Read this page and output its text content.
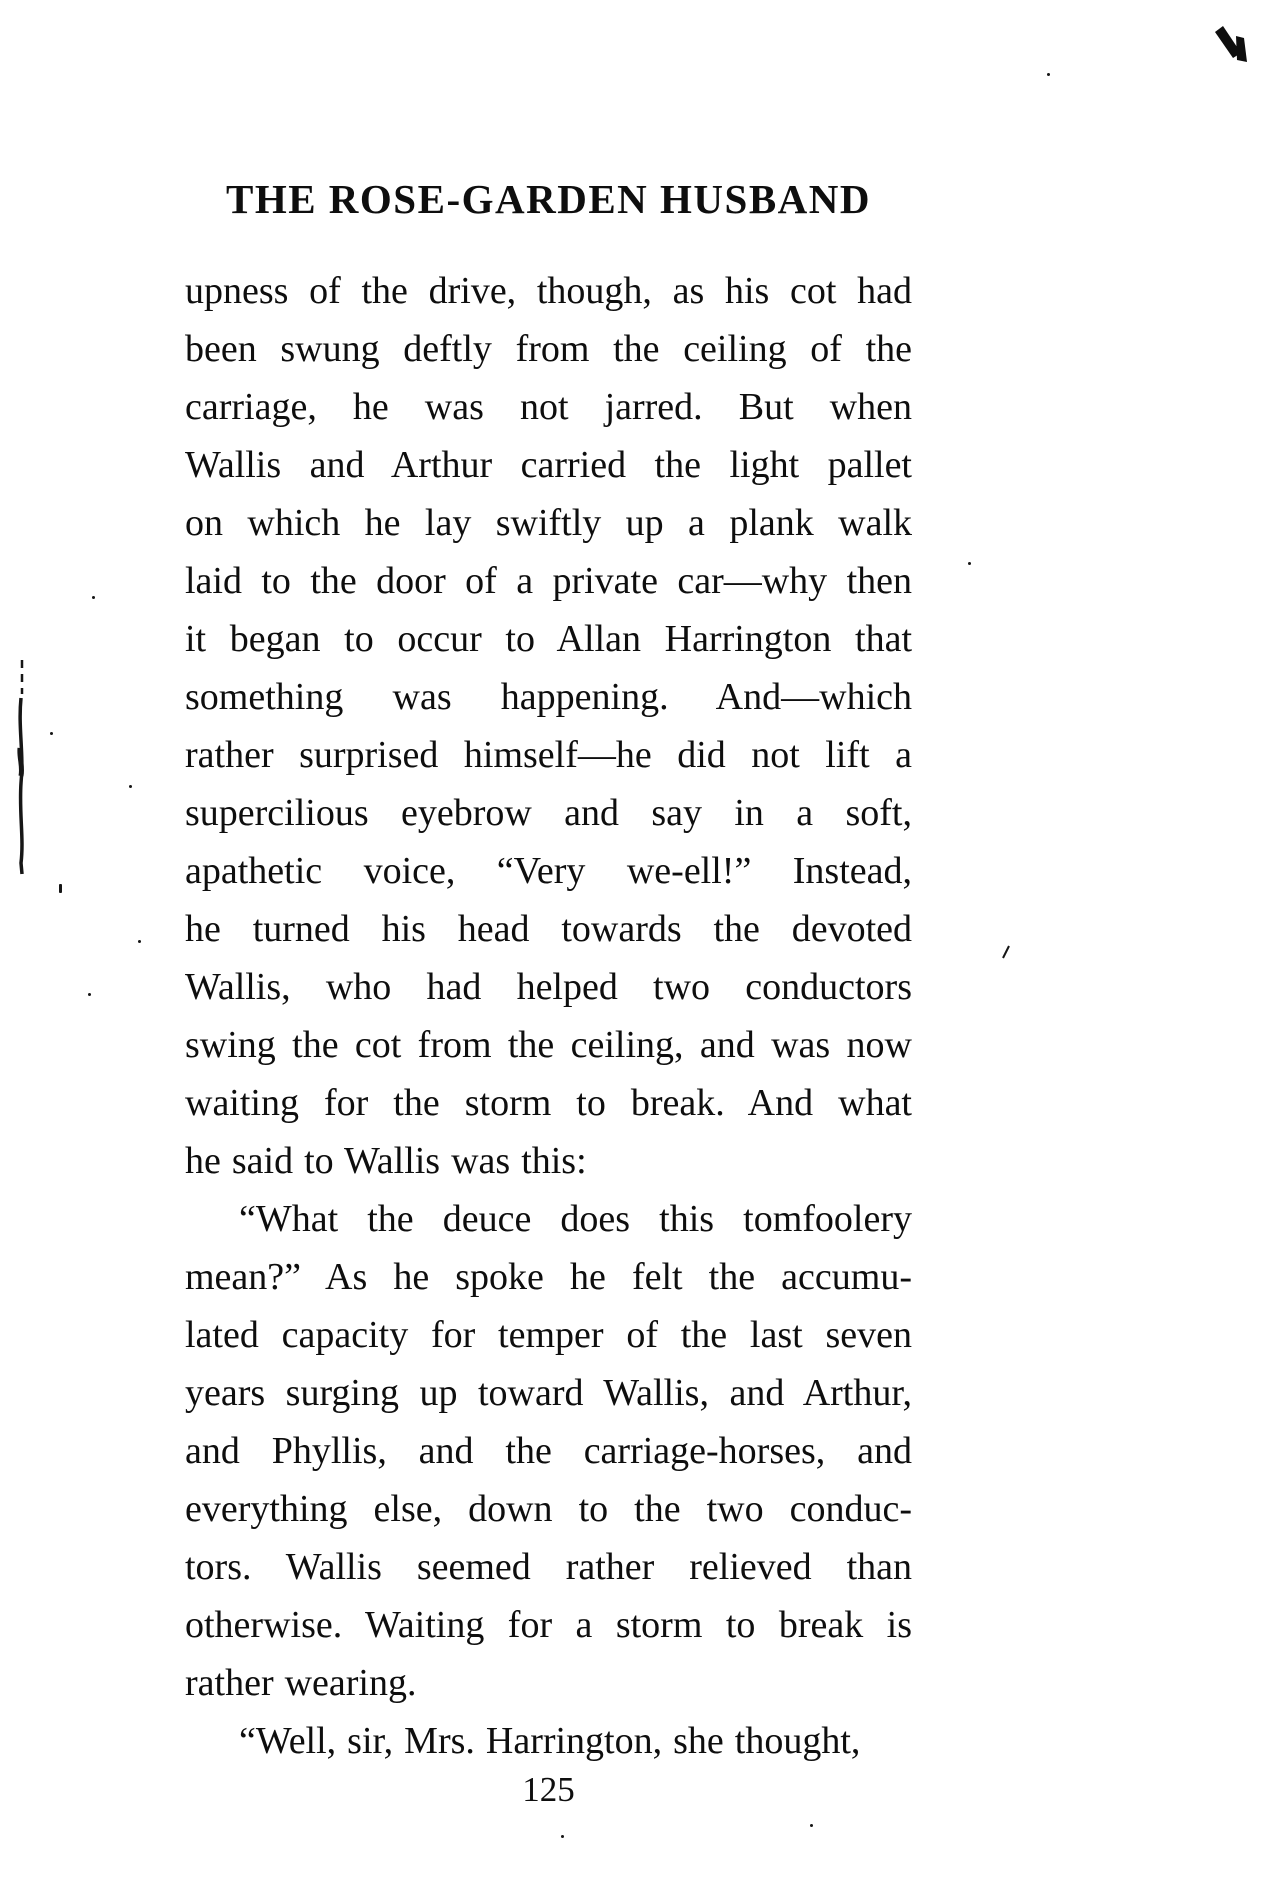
THE ROSE-GARDEN HUSBAND
upness of the drive, though, as his cot had
been swung deftly from the ceiling of the
carriage, he was not jarred. But when
Wallis and Arthur carried the light pallet
on which he lay swiftly up a plank walk
laid to the door of a private car—why then
it began to occur to Allan Harrington that
something was happening. And—which
rather surprised himself—he did not lift a
supercilious eyebrow and say in a soft,
apathetic voice, “Very we-ell!” Instead,
he turned his head towards the devoted
Wallis, who had helped two conductors
swing the cot from the ceiling, and was now
waiting for the storm to break. And what
he said to Wallis was this:
“What the deuce does this tomfoolery
mean?” As he spoke he felt the accumu-
lated capacity for temper of the last seven
years surging up toward Wallis, and Arthur,
and Phyllis, and the carriage-horses, and
everything else, down to the two conduc-
tors. Wallis seemed rather relieved than
otherwise. Waiting for a storm to break is
rather wearing.
“Well, sir, Mrs. Harrington, she thought,
125
